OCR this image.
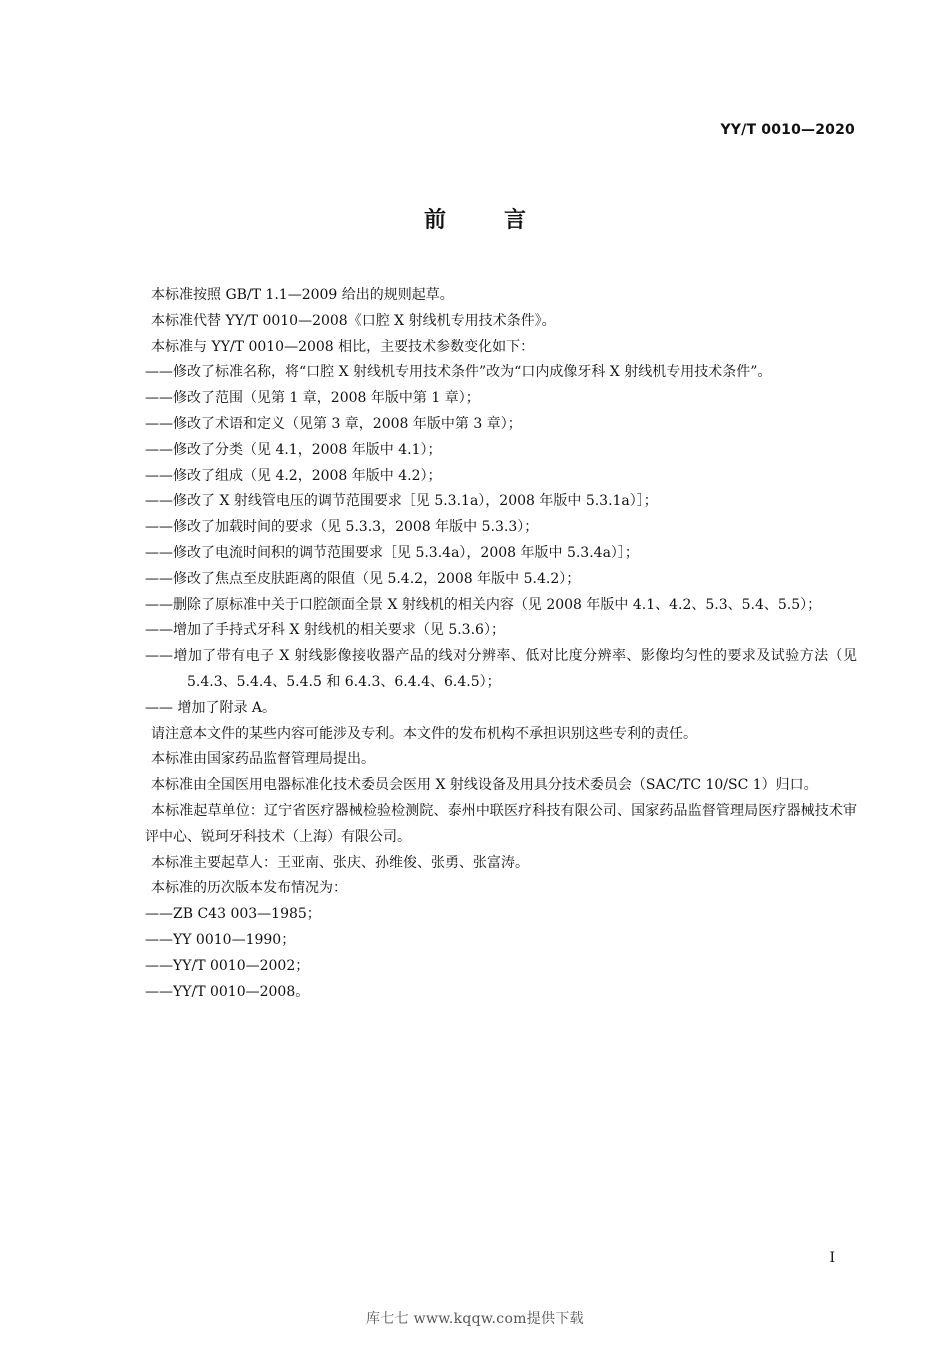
YY/T 0010—2020
前言

本标准按照 GB/T 1.1—2009 给出的规则起草。

本标准代替 YY/T 0010—2008《口腔 X 射线机专用技术条件》。

本标准与 YY/T 0010—2008 相比，主要技术参数变化如下：

——修改了标准名称，将“口腔 X 射线机专用技术条件”改为“口内成像牙科 X 射线机专用技术条件”。

——修改了范围（见第 1 章，2008 年版中第 1 章）；

——修改了术语和定义（见第 3 章，2008 年版中第 3 章）；

——修改了分类（见 4.1，2008 年版中 4.1）；

——修改了组成（见 4.2，2008 年版中 4.2）；

——修改了 X 射线管电压的调节范围要求［见 5.3.1a），2008 年版中 5.3.1a）］；

——修改了加载时间的要求（见 5.3.3，2008 年版中 5.3.3）；

——修改了电流时间积的调节范围要求［见 5.3.4a），2008 年版中 5.3.4a）］；

——修改了焦点至皮肤距离的限值（见 5.4.2，2008 年版中 5.4.2）；

——删除了原标准中关于口腔颌面全景 X 射线机的相关内容（见 2008 年版中 4.1、4.2、5.3、5.4、5.5）；

——增加了手持式牙科 X 射线机的相关要求（见 5.3.6）；

——增加了带有电子 X 射线影像接收器产品的线对分辨率、低对比度分辨率、影像均匀性的要求及试验方法（见 5.4.3、5.4.4、5.4.5 和 6.4.3、6.4.4、6.4.5）；

—— 增加了附录 A。

请注意本文件的某些内容可能涉及专利。本文件的发布机构不承担识别这些专利的责任。

本标准由国家药品监督管理局提出。

本标准由全国医用电器标准化技术委员会医用 X 射线设备及用具分技术委员会（SAC/TC 10/SC 1）归口。

本标准起草单位：辽宁省医疗器械检验检测院、泰州中联医疗科技有限公司、国家药品监督管理局医疗器械技术审评中心、锐珂牙科技术（上海）有限公司。

本标准主要起草人：王亚南、张庆、孙维俊、张勇、张富涛。

本标准的历次版本发布情况为：

——ZB C43 003—1985；

——YY 0010—1990；

——YY/T 0010—2002；

——YY/T 0010—2008。

I
库七七 www.kqqw.com提供下载
